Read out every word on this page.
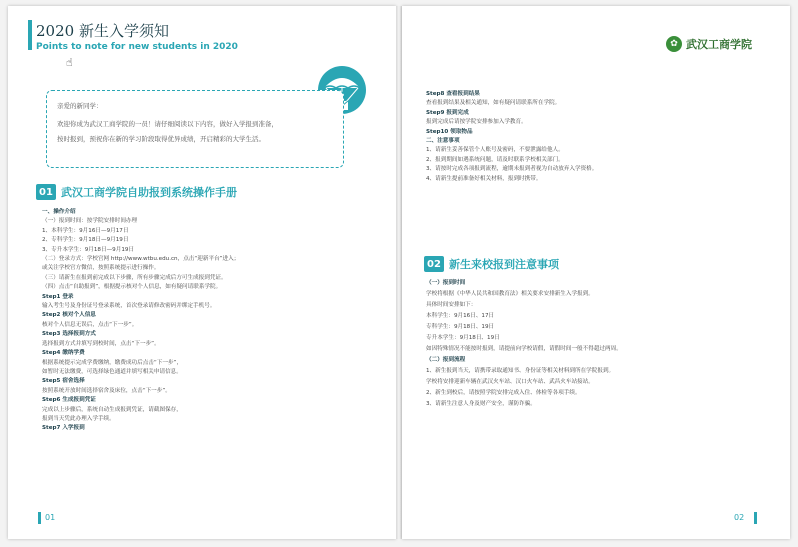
2020 新生入学须知
Points to note for new students in 2020
☝
亲爱的新同学：
欢迎你成为武汉工商学院的一员！请仔细阅读以下内容，做好入学报到准备，
按时报到，预祝你在新的学习阶段取得优异成绩，开启精彩的大学生活。
01 武汉工商学院自助报到系统操作手册

一、操作介绍

（一）报到时间：按学院安排时间办理

1、本科学生：9月16日—9月17日

2、专科学生：9月18日—9月19日

3、专升本学生：9月18日—9月19日

（二）登录方式：学校官网 http://www.wtbu.edu.cn，点击“迎新平台”进入；

或关注学校官方微信，按照系统提示进行操作。

（三）请新生在报到前完成以下步骤，所有步骤完成后方可生成报到凭证。

（四）点击“自助报到”，根据提示核对个人信息，如有疑问请联系学院。

Step1 登录

输入考生号及身份证号登录系统，首次登录请修改密码并绑定手机号。

Step2 核对个人信息

核对个人信息无误后，点击“下一步”。

Step3 选择报到方式

选择报到方式并填写到校时间，点击“下一步”。

Step4 缴纳学费

根据系统提示完成学费缴纳，缴费成功后点击“下一步”，

如暂时无法缴费，可选择绿色通道并填写相关申请信息。

Step5 宿舍选择

按照系统开放时间选择宿舍及床位，点击“下一步”。

Step6 生成报到凭证

完成以上步骤后，系统自动生成报到凭证，请截图保存，

报到当天凭此办理入学手续。

Step7 入学报到

01
✿ 武汉工商学院

Step8 查看报到结果

查看报到结果及相关通知，如有疑问请联系所在学院。

Step9 报到完成

报到完成后请按学院安排参加入学教育。

Step10 领取物品

二、注意事项

1、请新生妥善保管个人账号及密码，不要泄露给他人。

2、报到期间如遇系统问题，请及时联系学校相关部门。

3、请按时完成各项报到流程，逾期未报到者视为自动放弃入学资格。

4、请新生提前准备好相关材料，报到时携带。

02 新生来校报到注意事项

（一）报到时间

学校将根据《中华人民共和国教育法》相关要求安排新生入学报到。

具体时间安排如下：

本科学生：9月16日、17日

专科学生：9月18日、19日

专升本学生：9月18日、19日

如因特殊情况不能按时报到，请提前向学校请假，请假时间一般不得超过两周。

（二）报到流程

1、新生报到当天，请携带录取通知书、身份证等相关材料到所在学院报到。

学校将安排迎新车辆在武汉火车站、汉口火车站、武昌火车站接站。

2、新生到校后，请按照学院安排完成入住、体检等各项手续。

3、请新生注意人身及财产安全，谨防诈骗。

02
